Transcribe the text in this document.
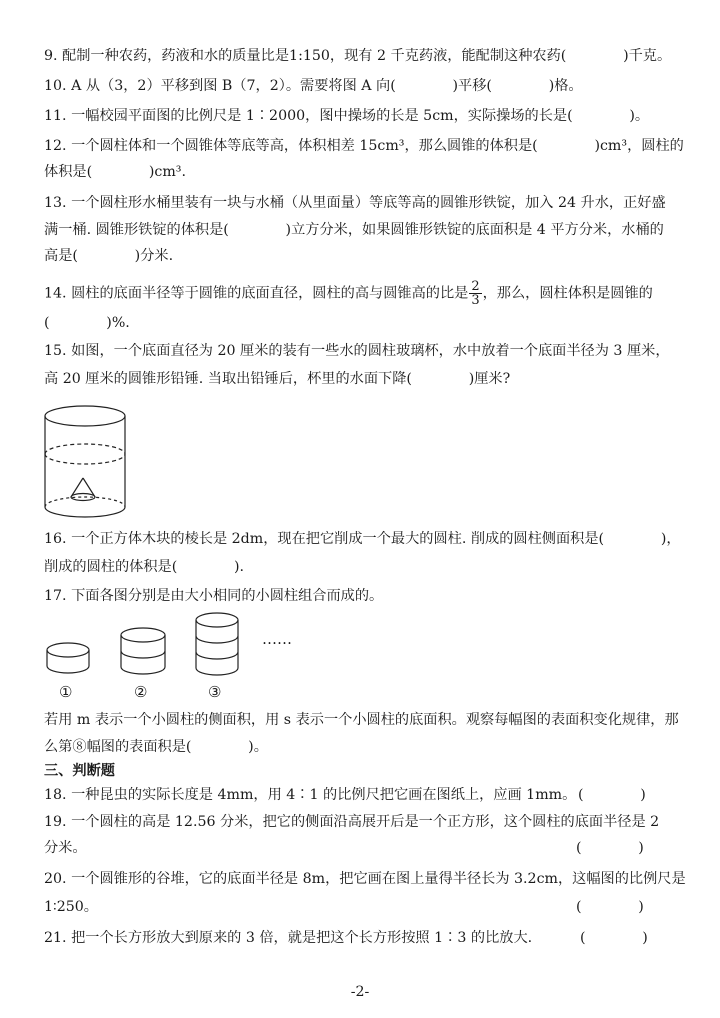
9. 配制一种农药，药液和水的质量比是1:150，现有 2 千克药液，能配制这种农药(　　　　)千克。
10. A 从（3，2）平移到图 B（7，2）。需要将图 A 向(　　　　)平移(　　　　)格。
11. 一幅校园平面图的比例尺是 1∶2000，图中操场的长是 5cm，实际操场的长是(　　　　)。
12. 一个圆柱体和一个圆锥体等底等高，体积相差 15cm³，那么圆锥的体积是(　　　　)cm³，圆柱的
体积是(　　　　)cm³.
13. 一个圆柱形水桶里装有一块与水桶（从里面量）等底等高的圆锥形铁锭，加入 24 升水，正好盛
满一桶. 圆锥形铁锭的体积是(　　　　)立方分米，如果圆锥形铁锭的底面积是 4 平方分米，水桶的
高是(　　　　)分米.
14. 圆柱的底面半径等于圆锥的底面直径，圆柱的高与圆锥高的比是 $\frac{2}{3}$ ，那么，圆柱体积是圆锥的
(　　　　)%.
15. 如图，一个底面直径为 20 厘米的装有一些水的圆柱玻璃杯，水中放着一个底面半径为 3 厘米，
高 20 厘米的圆锥形铅锤. 当取出铅锤后，杯里的水面下降(　　　　)厘米?
16. 一个正方体木块的棱长是 2dm，现在把它削成一个最大的圆柱. 削成的圆柱侧面积是(　　　　)，
削成的圆柱的体积是(　　　　).
17. 下面各图分别是由大小相同的小圆柱组合而成的。
……
①	②	③
若用 m 表示一个小圆柱的侧面积，用 s 表示一个小圆柱的底面积。观察每幅图的表面积变化规律，那
么第⑧幅图的表面积是(　　　　)。
三、判断题
18. 一种昆虫的实际长度是 4mm，用 4∶1 的比例尺把它画在图纸上，应画 1mm。 (　　　　)
19. 一个圆柱的高是 12.56 分米，把它的侧面沿高展开后是一个正方形，这个圆柱的底面半径是 2
分米。	(　　　　)
20. 一个圆锥形的谷堆，它的底面半径是 8m，把它画在图上量得半径长为 3.2cm，这幅图的比例尺是
1∶250。	(　　　　)
21. 把一个长方形放大到原来的 3 倍，就是把这个长方形按照 1∶3 的比放大.	(　　　　)
-2-
